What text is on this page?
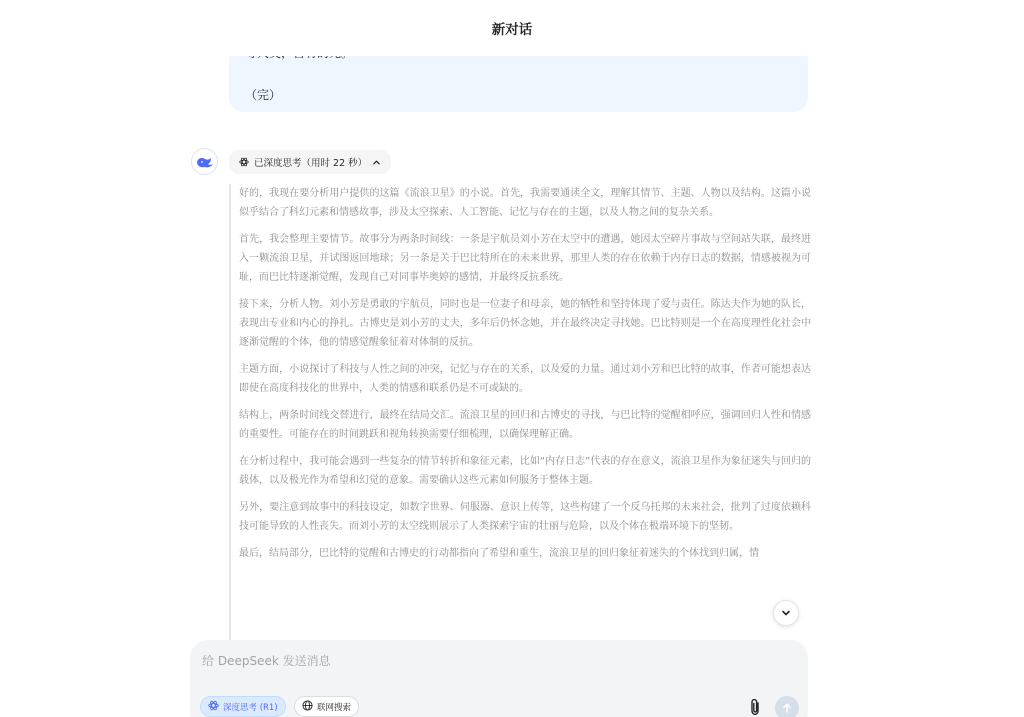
（完）

新对话
已深度思考（用时 22 秒）

好的，我现在要分析用户提供的这篇《流浪卫星》的小说。首先，我需要通读全文，理解其情节、主题、人物以及结构。这篇小说似乎结合了科幻元素和情感故事，涉及太空探索、人工智能、记忆与存在的主题，以及人物之间的复杂关系。

首先，我会整理主要情节。故事分为两条时间线：一条是宇航员刘小芳在太空中的遭遇，她因太空碎片事故与空间站失联，最终进入一颗流浪卫星，并试图返回地球；另一条是关于巴比特所在的未来世界，那里人类的存在依赖于内存日志的数据，情感被视为可耻，而巴比特逐渐觉醒，发现自己对同事毕奥婷的感情，并最终反抗系统。

接下来，分析人物。刘小芳是勇敢的宇航员，同时也是一位妻子和母亲，她的牺牲和坚持体现了爱与责任。陈达夫作为她的队长，表现出专业和内心的挣扎。古博史是刘小芳的丈夫，多年后仍怀念她，并在最终决定寻找她。巴比特则是一个在高度理性化社会中逐渐觉醒的个体，他的情感觉醒象征着对体制的反抗。

主题方面，小说探讨了科技与人性之间的冲突，记忆与存在的关系，以及爱的力量。通过刘小芳和巴比特的故事，作者可能想表达即使在高度科技化的世界中，人类的情感和联系仍是不可或缺的。

结构上，两条时间线交替进行，最终在结局交汇。流浪卫星的回归和古博史的寻找，与巴比特的觉醒相呼应，强调回归人性和情感的重要性。可能存在的时间跳跃和视角转换需要仔细梳理，以确保理解正确。

在分析过程中，我可能会遇到一些复杂的情节转折和象征元素，比如“内存日志”代表的存在意义，流浪卫星作为象征迷失与回归的载体，以及极光作为希望和幻觉的意象。需要确认这些元素如何服务于整体主题。

另外，要注意到故事中的科技设定，如数字世界、伺服器、意识上传等，这些构建了一个反乌托邦的未来社会，批判了过度依赖科技可能导致的人性丧失。而刘小芳的太空线则展示了人类探索宇宙的壮丽与危险，以及个体在极端环境下的坚韧。

最后，结局部分，巴比特的觉醒和古博史的行动都指向了希望和重生，流浪卫星的回归象征着迷失的个体找到归属，情

给 DeepSeek 发送消息
深度思考 (R1)	联网搜索
